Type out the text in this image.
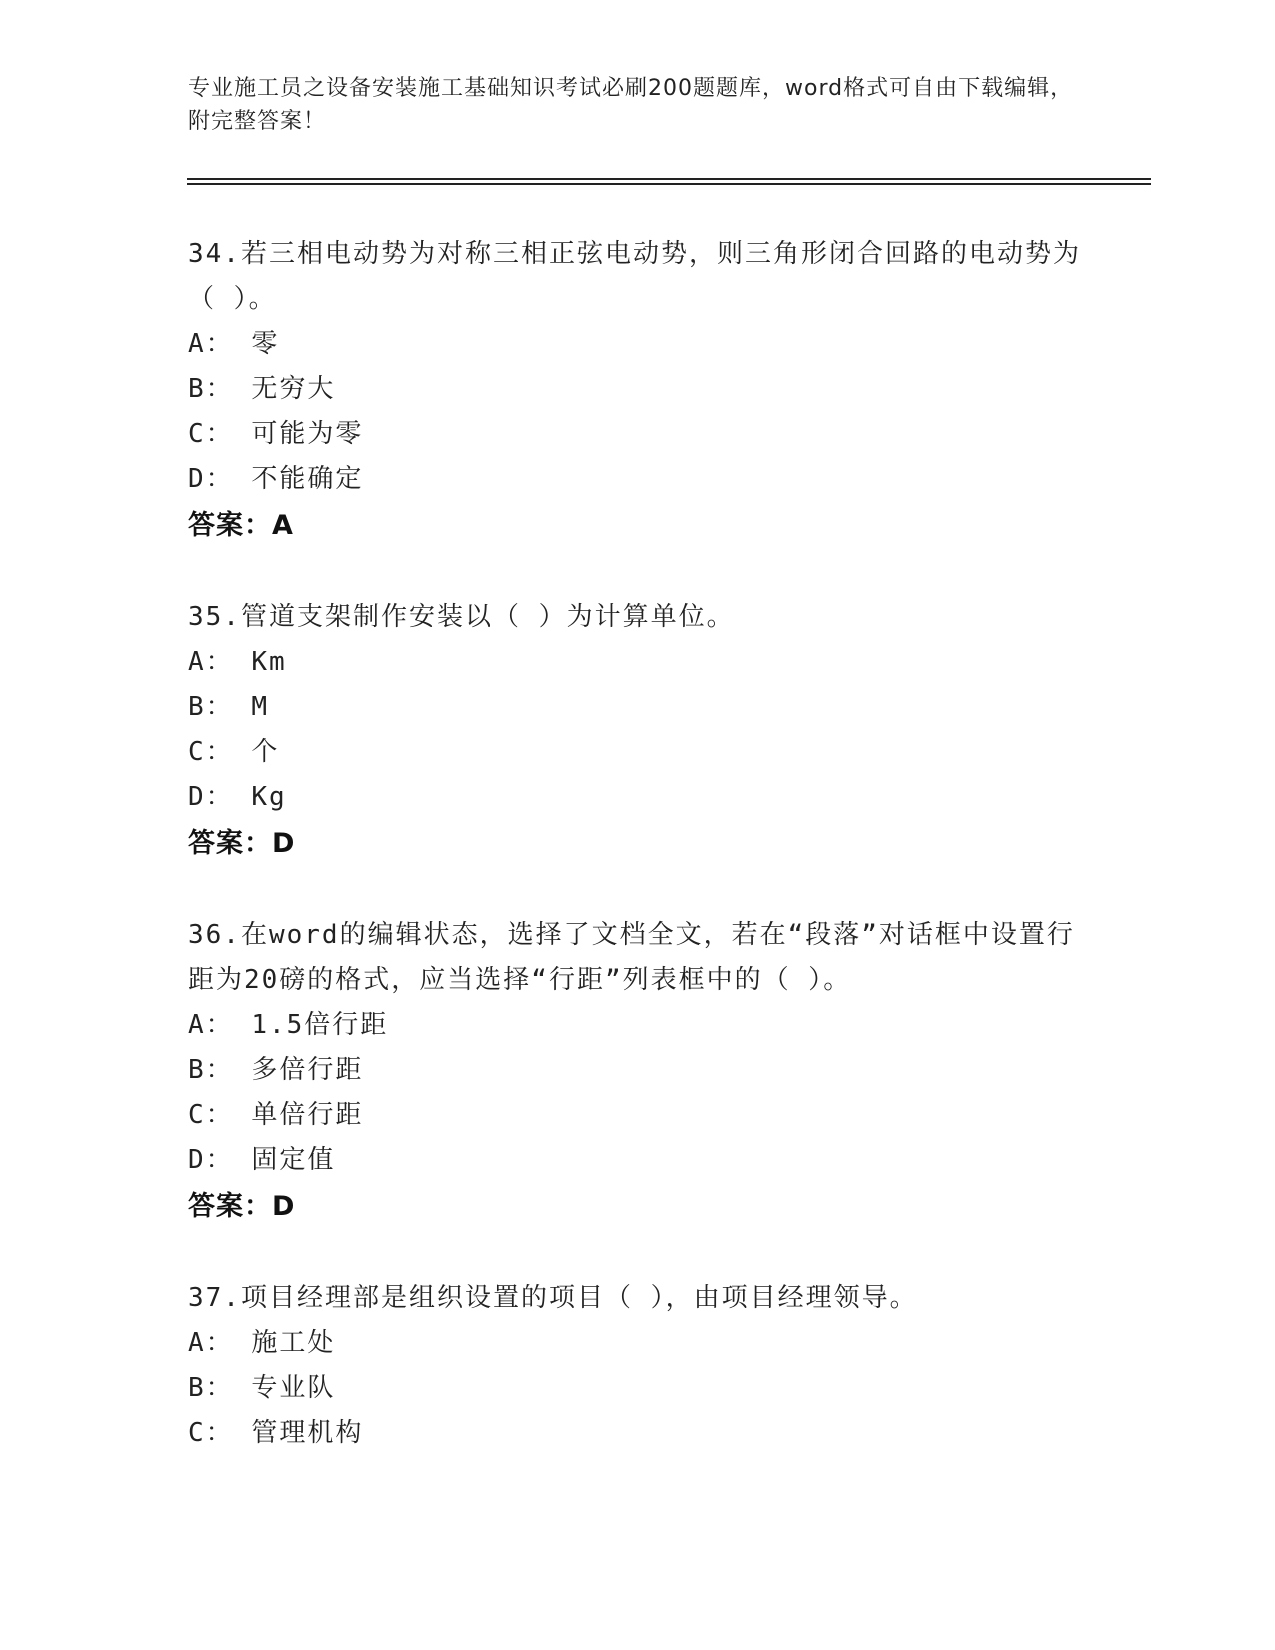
专业施工员之设备安装施工基础知识考试必刷200题题库，word格式可自由下载编辑，附完整答案！
34.若三相电动势为对称三相正弦电动势，则三角形闭合回路的电动势为（ ）。
A： 零
B： 无穷大
C： 可能为零
D： 不能确定
答案：A
35.管道支架制作安装以（ ）为计算单位。
A： Km
B： M
C： 个
D： Kg
答案：D
36.在word的编辑状态，选择了文档全文，若在“段落”对话框中设置行距为20磅的格式，应当选择“行距”列表框中的（ ）。
A： 1.5倍行距
B： 多倍行距
C： 单倍行距
D： 固定值
答案：D
37.项目经理部是组织设置的项目（ ），由项目经理领导。
A： 施工处
B： 专业队
C： 管理机构
